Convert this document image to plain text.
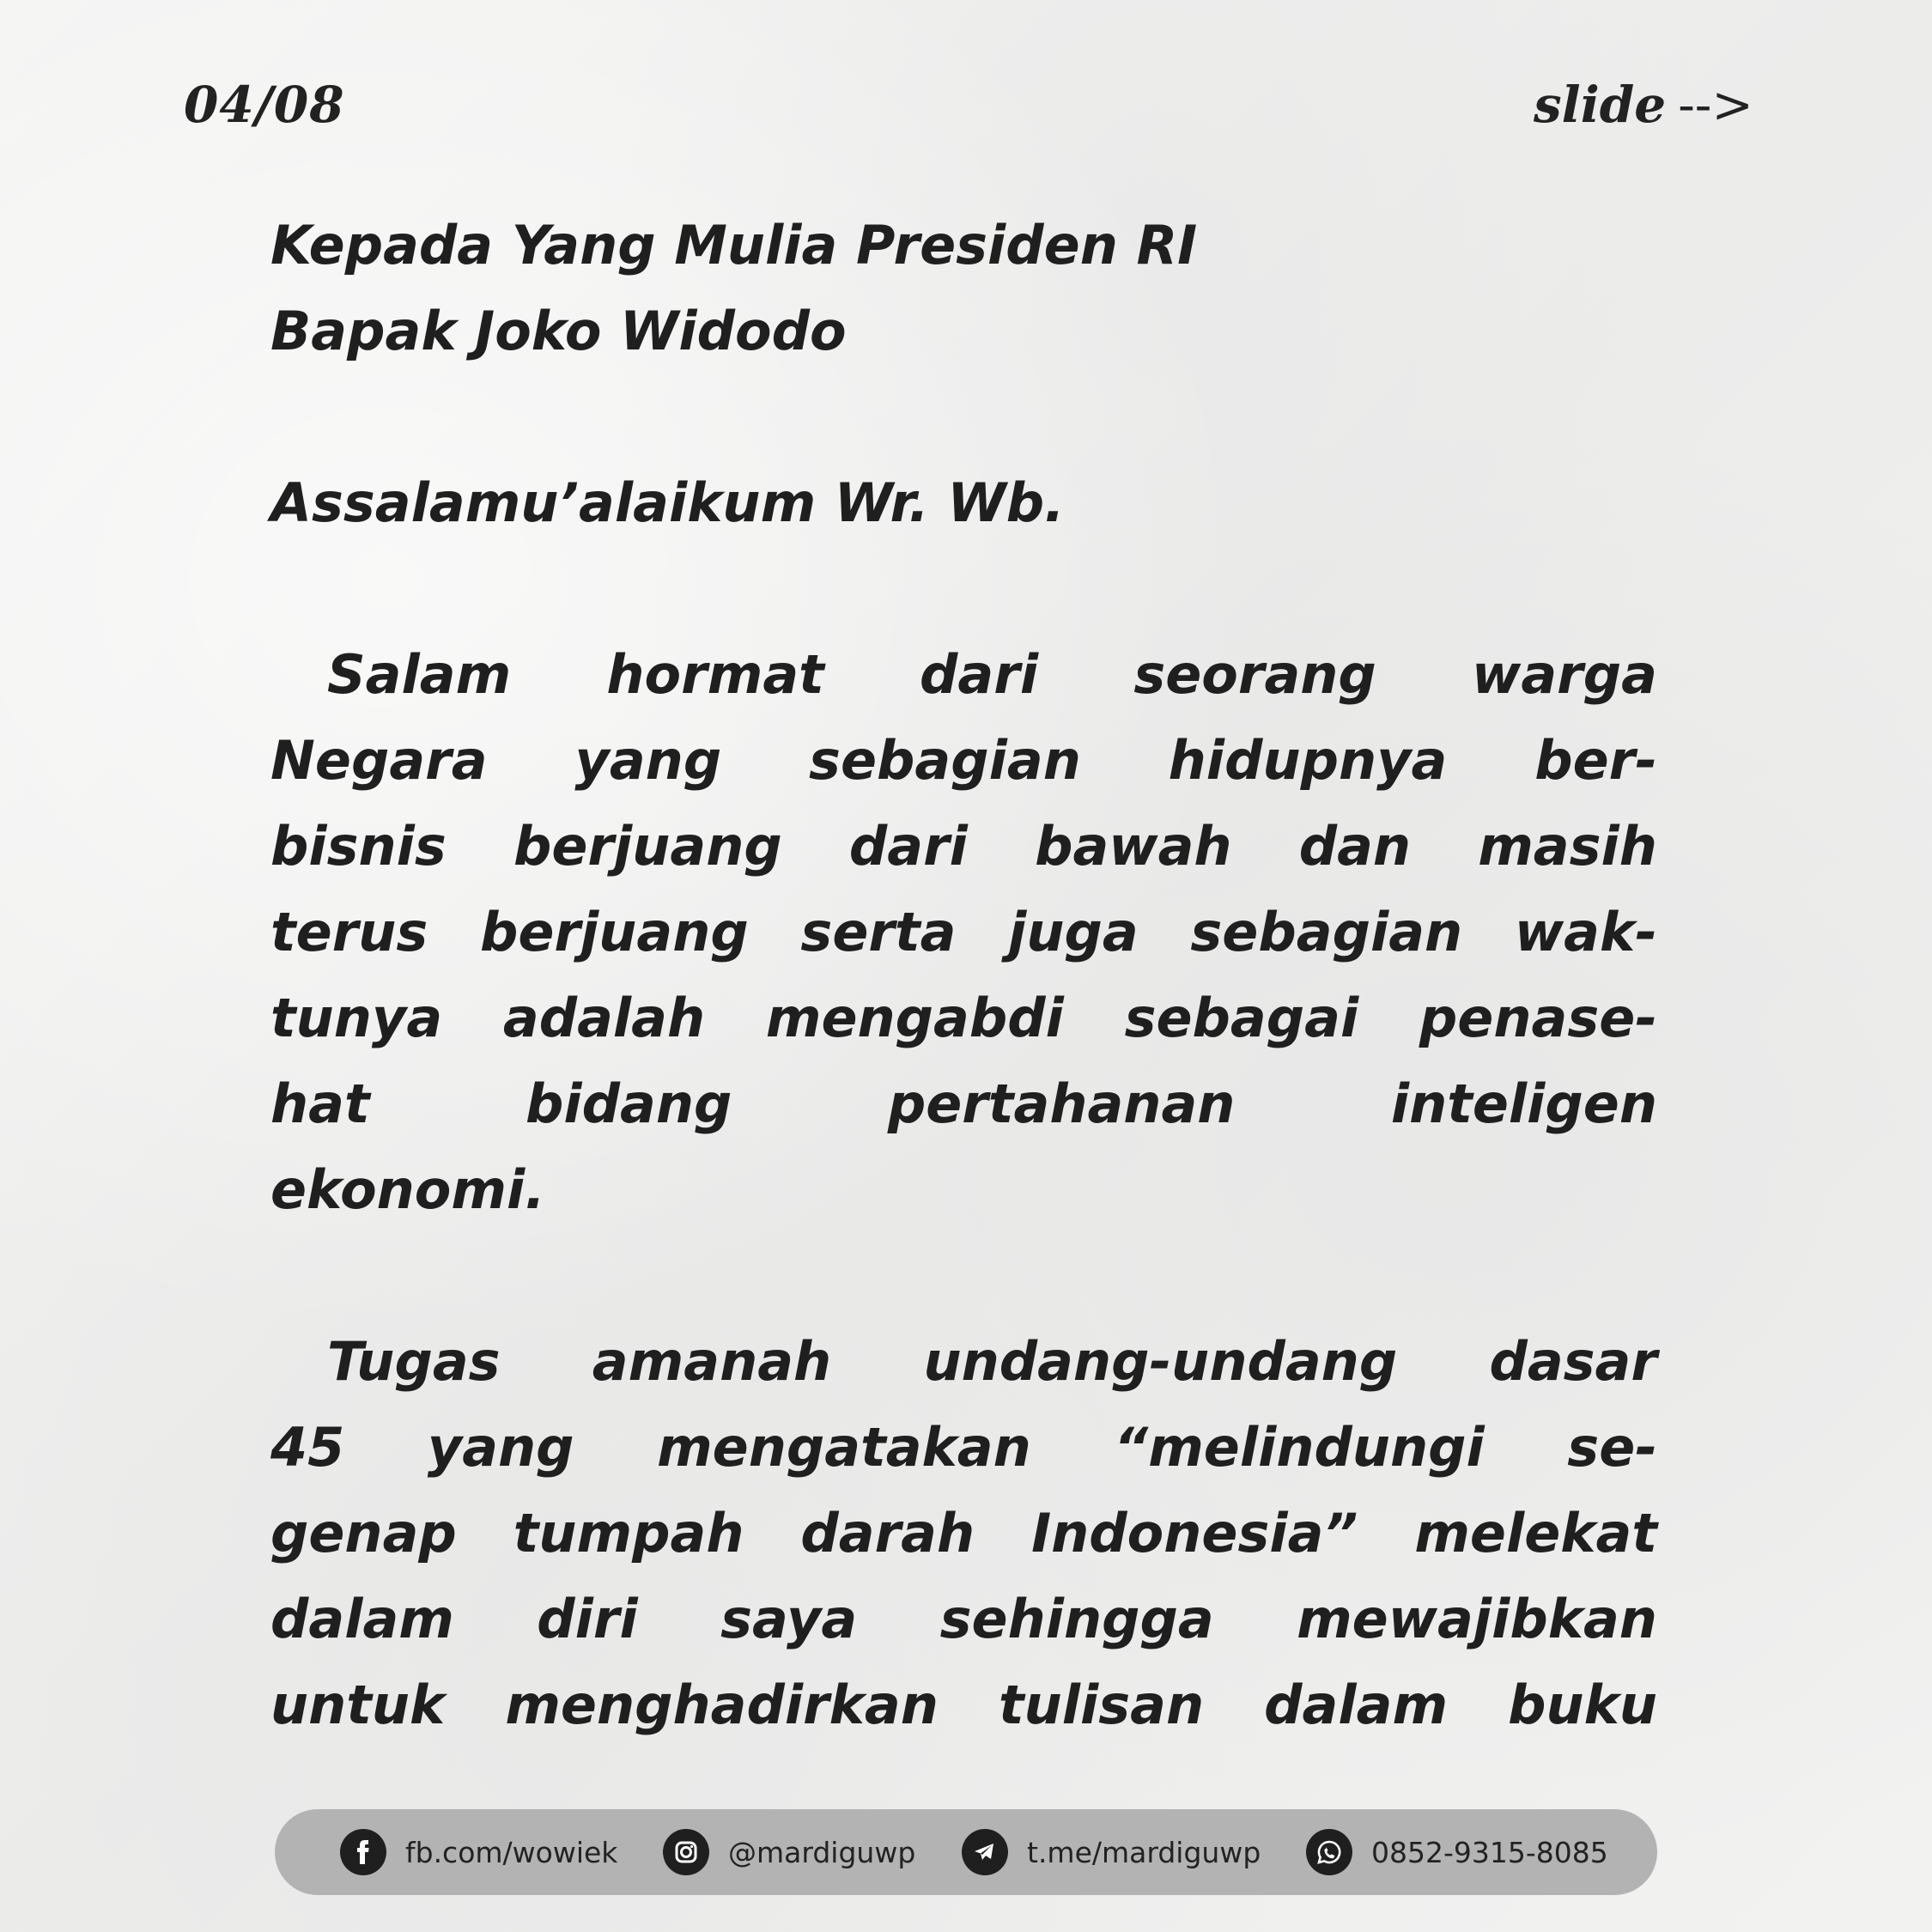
04/08	slide -->
Kepada Yang Mulia Presiden RI
Bapak Joko Widodo
Assalamu’alaikum Wr. Wb.
Salam hormat dari seorang warga
Negara yang sebagian hidupnya ber-
bisnis berjuang dari bawah dan masih
terus berjuang serta juga sebagian wak-
tunya adalah mengabdi sebagai penase-
hat	bidang	pertahanan	inteligen
ekonomi.
Tugas amanah undang-undang dasar
45 yang mengatakan “melindungi se-
genap tumpah darah Indonesia” melekat
dalam diri saya sehingga mewajibkan
untuk menghadirkan tulisan dalam buku
fb.com/wowiek	@mardiguwp	t.me/mardiguwp	0852-9315-8085
